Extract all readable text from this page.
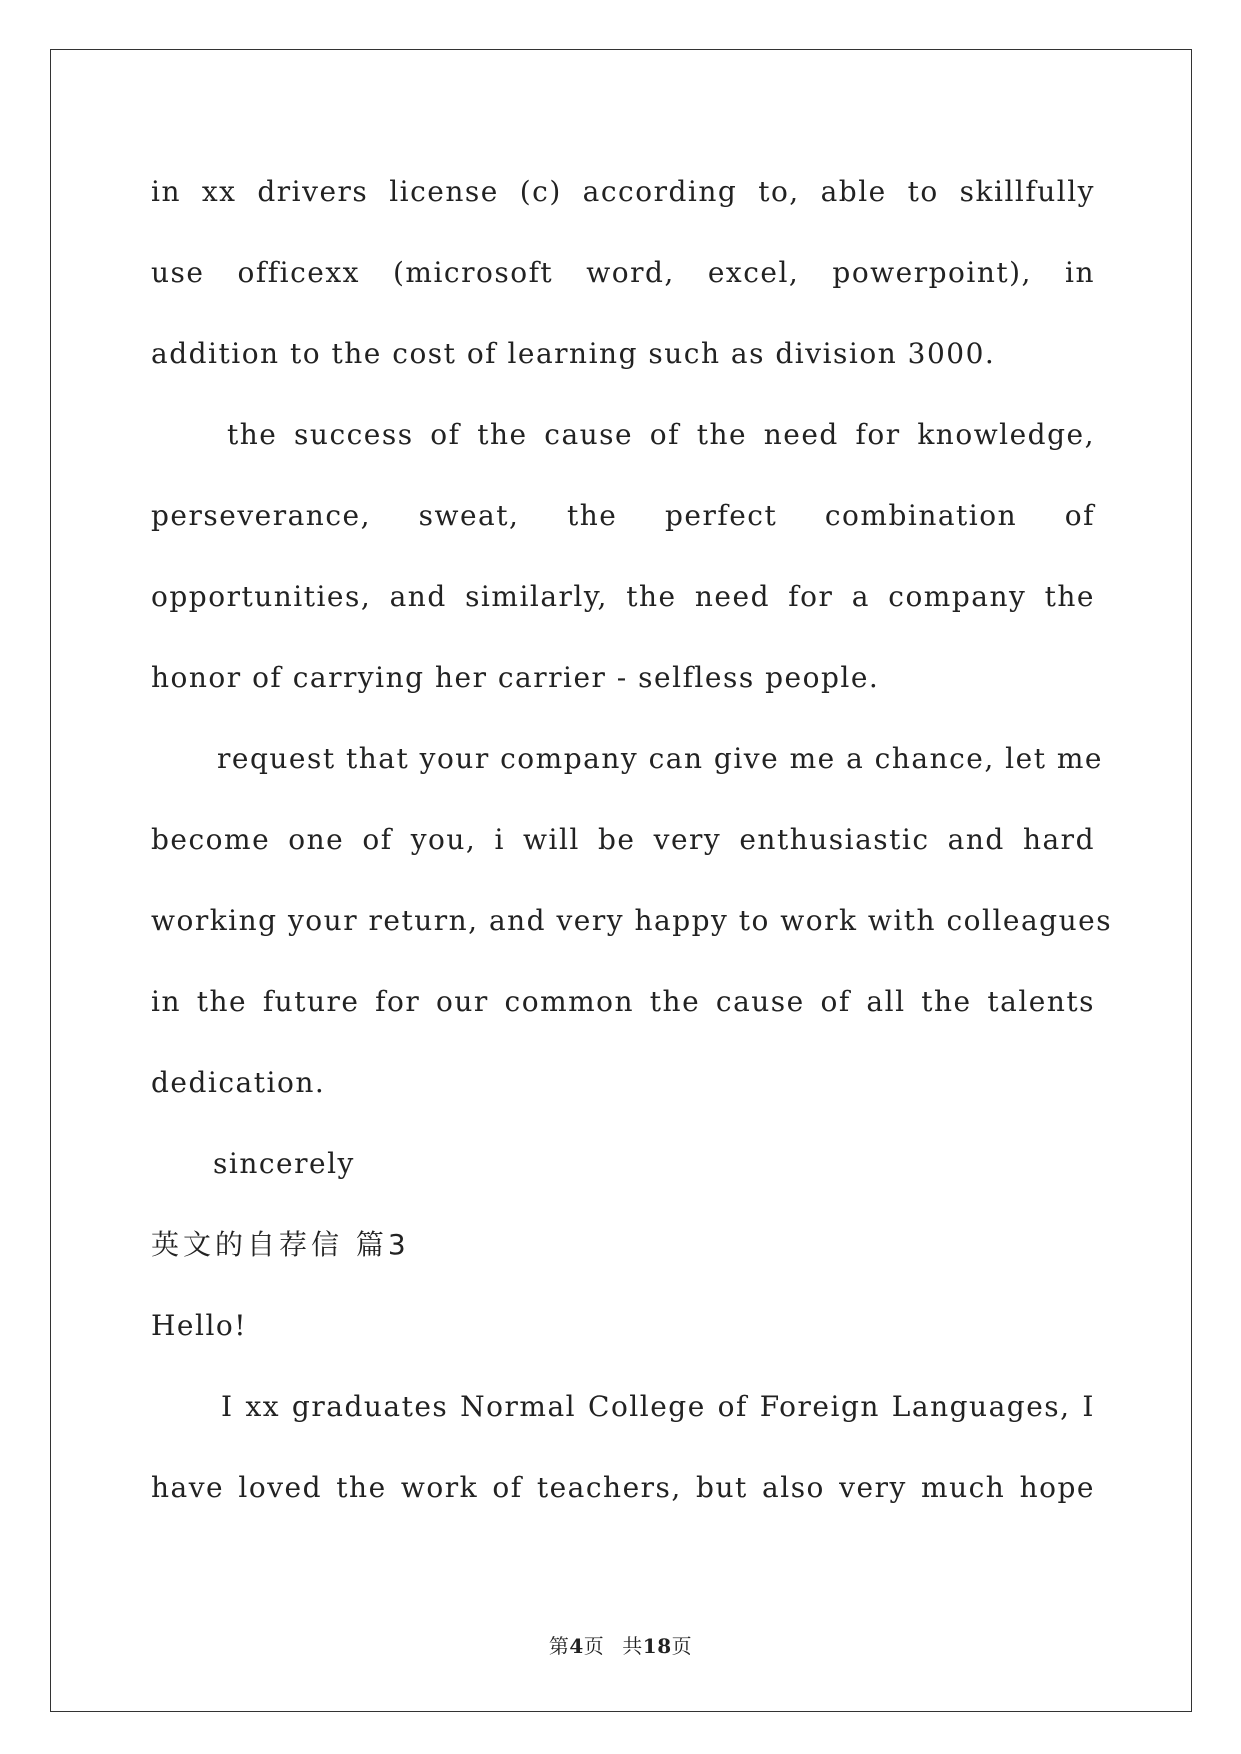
in xx drivers license (c) according to, able to skillfully
use officexx (microsoft word, excel, powerpoint), in
addition to the cost of learning such as division 3000.
the success of the cause of the need for knowledge,
perseverance, sweat, the perfect combination of
opportunities, and similarly, the need for a company the
honor of carrying her carrier - selfless people.
request that your company can give me a chance, let me
become one of you, i will be very enthusiastic and hard
working your return, and very happy to work with colleagues
in the future for our common the cause of all the talents
dedication.
sincerely
英文的自荐信 篇3
Hello!
I xx graduates Normal College of Foreign Languages, I
have loved the work of teachers, but also very much hope
第4页 共18页
